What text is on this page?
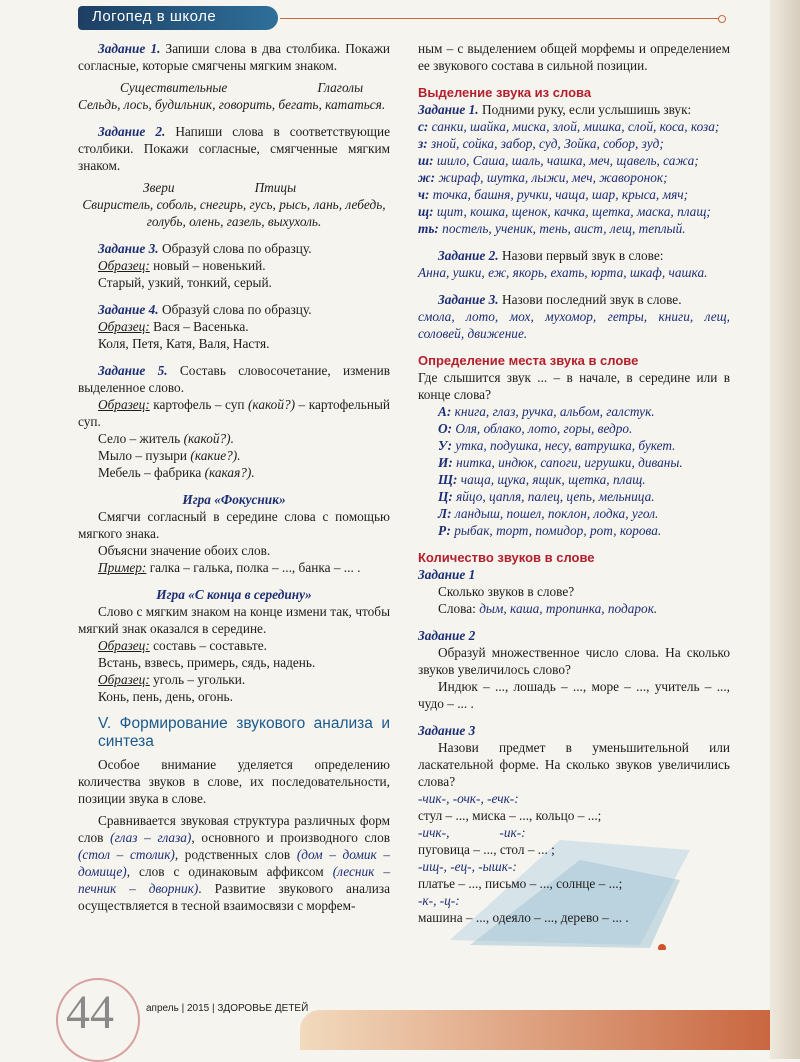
Логопед в школе

Задание 1. Запиши слова в два столбика. Покажи согласные, которые смягчены мягким знаком.

Существительные	Глаголы

Сельдь, лось, будильник, говорить, бегать, кататься.

Задание 2. Напиши слова в соответствующие столбики. Покажи согласные, смягченные мягким знаком.

Звери	Птицы

Свиристель, соболь, снегирь, гусь, рысь, лань, лебедь, голубь, олень, газель, выхухоль.

Задание 3. Образуй слова по образцу.

Образец: новый – новенький.

Старый, узкий, тонкий, серый.

Задание 4. Образуй слова по образцу.

Образец: Вася – Васенька.

Коля, Петя, Катя, Валя, Настя.

Задание 5. Составь словосочетание, изменив выделенное слово.

Образец: картофель – суп (какой?) – картофельный суп.

Село – житель (какой?).

Мыло – пузыри (какие?).

Мебель – фабрика (какая?).

Игра «Фокусник»

Смягчи согласный в середине слова с помощью мягкого знака.

Объясни значение обоих слов.

Пример: галка – галька, полка – ..., банка – ... .

Игра «С конца в середину»

Слово с мягким знаком на конце измени так, чтобы мягкий знак оказался в середине.

Образец: составь – составьте.

Встань, взвесь, примерь, сядь, надень.

Образец: уголь – угольки.

Конь, пень, день, огонь.

V. Формирование звукового анализа и синтеза

Особое внимание уделяется определению количества звуков в слове, их последовательности, позиции звука в слове.

Сравнивается звуковая структура различных форм слов (глаз – глаза), основного и производного слов (стол – столик), родственных слов (дом – домик – домище), слов с одинаковым аффиксом (лесник – печник – дворник). Развитие звукового анализа осуществляется в тесной взаимосвязи с морфем-

ным – с выделением общей морфемы и определением ее звукового состава в сильной позиции.

Выделение звука из слова

Задание 1. Подними руку, если услышишь звук:

с: санки, шайка, миска, злой, мишка, слой, коса, коза;

з: зной, сойка, забор, суд, Зойка, собор, зуд;

ш: шило, Саша, шаль, чашка, меч, щавель, сажа;

ж: жираф, шутка, лыжи, меч, жаворонок;

ч: точка, башня, ручки, чаща, шар, крыса, мяч;

щ: щит, кошка, щенок, качка, щетка, маска, плащ;

ть: постель, ученик, тень, аист, лещ, теплый.

Задание 2. Назови первый звук в слове:

Анна, ушки, еж, якорь, ехать, юрта, шкаф, чашка.

Задание 3. Назови последний звук в слове.

смола, лото, мох, мухомор, гетры, книги, лещ, соловей, движение.

Определение места звука в слове

Где слышится звук ... – в начале, в середине или в конце слова?

А: книга, глаз, ручка, альбом, галстук.

О: Оля, облако, лото, горы, ведро.

У: утка, подушка, несу, ватрушка, букет.

И: нитка, индюк, сапоги, игрушки, диваны.

Щ: чаща, щука, ящик, щетка, плащ.

Ц: яйцо, цапля, палец, цепь, мельница.

Л: ландыш, пошел, поклон, лодка, угол.

Р: рыбак, торт, помидор, рот, корова.

Количество звуков в слове

Задание 1

Сколько звуков в слове?

Слова: дым, каша, тропинка, подарок.

Задание 2

Образуй множественное число слова. На сколько звуков увеличилось слово?

Индюк – ..., лошадь – ..., море – ..., учитель – ..., чудо – ... .

Задание 3

Назови предмет в уменьшительной или ласкательной форме. На сколько звуков увеличились слова?

-чик-, -очк-, -ечк-:

стул – ..., миска – ..., кольцо – ...;

-ичк-,	-ик-:

пуговица – ..., стол – ... ;

-ищ-, -ец-, -ышк-:

платье – ..., письмо – ..., солнце – ...;

-к-, -ц-:

машина – ..., одеяло – ..., дерево – ... .

44	апрель | 2015 | ЗДОРОВЬЕ ДЕТЕЙ
